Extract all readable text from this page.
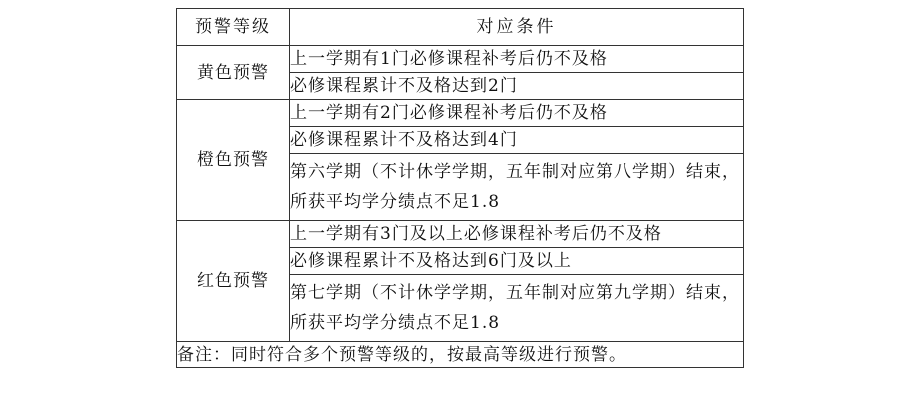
预警等级	对应条件
黄色预警	上一学期有1门必修课程补考后仍不及格
	必修课程累计不及格达到2门
橙色预警	上一学期有2门必修课程补考后仍不及格
	必修课程累计不及格达到4门
	第六学期（不计休学学期，五年制对应第八学期）结束，所获平均学分绩点不足1.8
红色预警	上一学期有3门及以上必修课程补考后仍不及格
	必修课程累计不及格达到6门及以上
	第七学期（不计休学学期，五年制对应第九学期）结束，所获平均学分绩点不足1.8
备注：同时符合多个预警等级的，按最高等级进行预警。	
